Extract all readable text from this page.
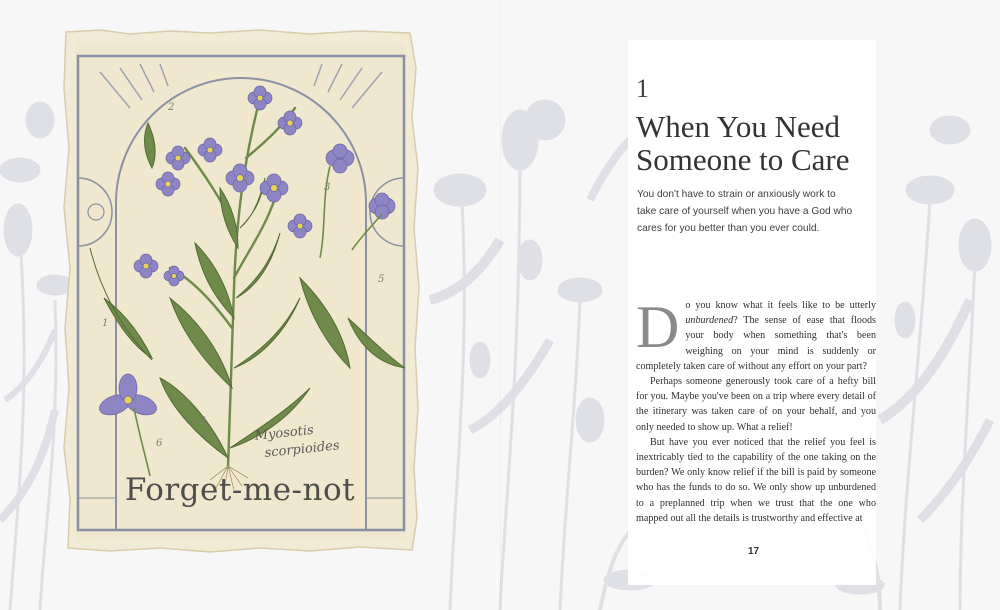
1
2
3
4
5
6	Myosotis
scorpioides

Forget-me-not
1
When You Need
Someone to Care

You don't have to strain or anxiously work to
take care of yourself when you have a God who
cares for you better than you ever could.

Do you know what it feels like to be utterly unburdened? The sense of ease that floods your body when something that's been weighing on your mind is suddenly or completely taken care of without any effort on your part?

Perhaps someone generously took care of a hefty bill for you. Maybe you've been on a trip where every detail of the itinerary was taken care of on your behalf, and you only needed to show up. What a relief!

But have you ever noticed that the relief you feel is inextricably tied to the capability of the one taking on the burden? We only know relief if the bill is paid by someone who has the funds to do so. We only show up unburdened to a preplanned trip when we trust that the one who mapped out all the details is trustworthy and effective at

17
